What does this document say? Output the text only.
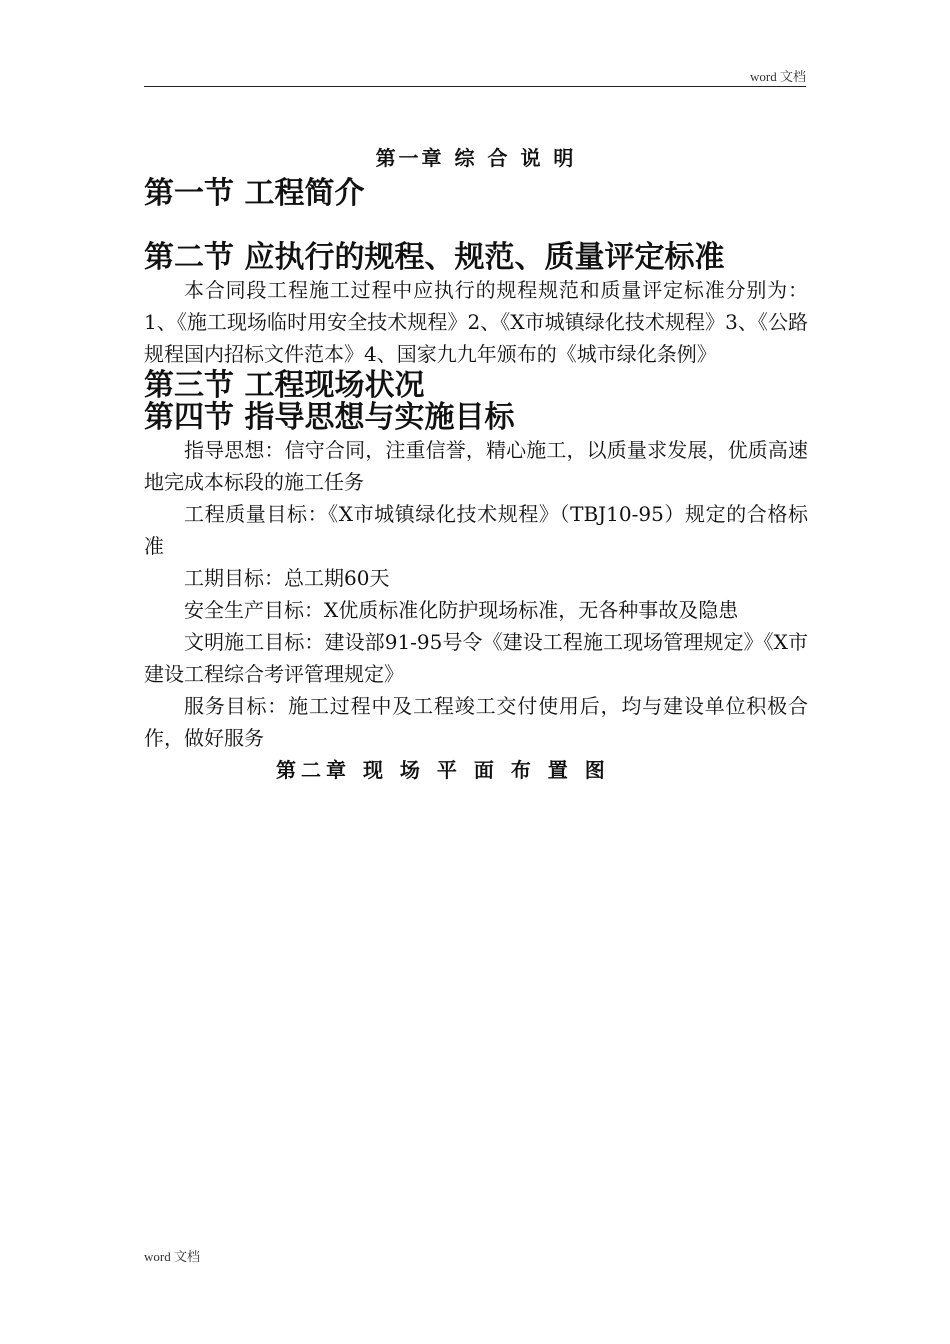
word 文档
第一章 综 合 说 明
第一节 工程简介
第二节 应执行的规程、规范、质量评定标准

本合同段工程施工过程中应执行的规程规范和质量评定标准分别为：1、《施工现场临时用安全技术规程》2、《X市城镇绿化技术规程》3、《公路规程国内招标文件范本》4、国家九九年颁布的《城市绿化条例》

第三节 工程现场状况
第四节 指导思想与实施目标

指导思想：信守合同，注重信誉，精心施工，以质量求发展，优质高速地完成本标段的施工任务

工程质量目标：《X市城镇绿化技术规程》（TBJ10-95）规定的合格标准

工期目标：总工期60天

安全生产目标：X优质标准化防护现场标准，无各种事故及隐患

文明施工目标：建设部91-95号令《建设工程施工现场管理规定》《X市建设工程综合考评管理规定》

服务目标：施工过程中及工程竣工交付使用后，均与建设单位积极合作，做好服务

第二章 现 场 平 面 布 置 图
word 文档
